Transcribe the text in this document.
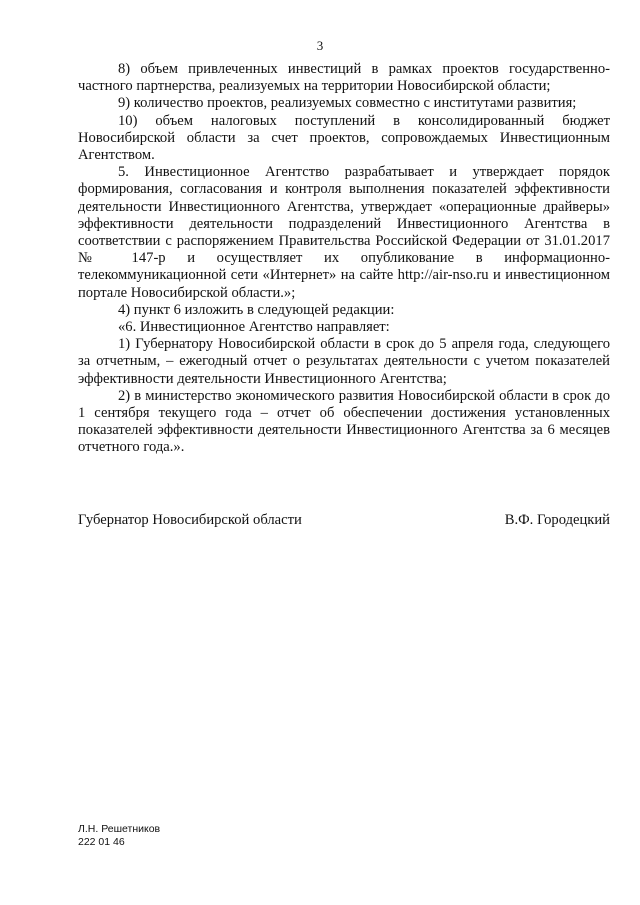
3

8) объем привлеченных инвестиций в рамках проектов государственно-частного партнерства, реализуемых на территории Новосибирской области;

9) количество проектов, реализуемых совместно с институтами развития;

10) объем налоговых поступлений в консолидированный бюджет Новосибирской области за счет проектов, сопровождаемых Инвестиционным Агентством.

5. Инвестиционное Агентство разрабатывает и утверждает порядок формирования, согласования и контроля выполнения показателей эффективности деятельности Инвестиционного Агентства, утверждает «операционные драйверы» эффективности деятельности подразделений Инвестиционного Агентства в соответствии с распоряжением Правительства Российской Федерации от 31.01.2017 № 147-р и осуществляет их опубликование в информационно-телекоммуникационной сети «Интернет» на сайте http://air-nso.ru и инвестиционном портале Новосибирской области.»;

4) пункт 6 изложить в следующей редакции:

«6. Инвестиционное Агентство направляет:

1) Губернатору Новосибирской области в срок до 5 апреля года, следующего за отчетным, – ежегодный отчет о результатах деятельности с учетом показателей эффективности деятельности Инвестиционного Агентства;

2) в министерство экономического развития Новосибирской области в срок до 1 сентября текущего года – отчет об обеспечении достижения установленных показателей эффективности деятельности Инвестиционного Агентства за 6 месяцев отчетного года.».

Губернатор Новосибирской области	В.Ф. Городецкий
Л.Н. Решетников
222 01 46
